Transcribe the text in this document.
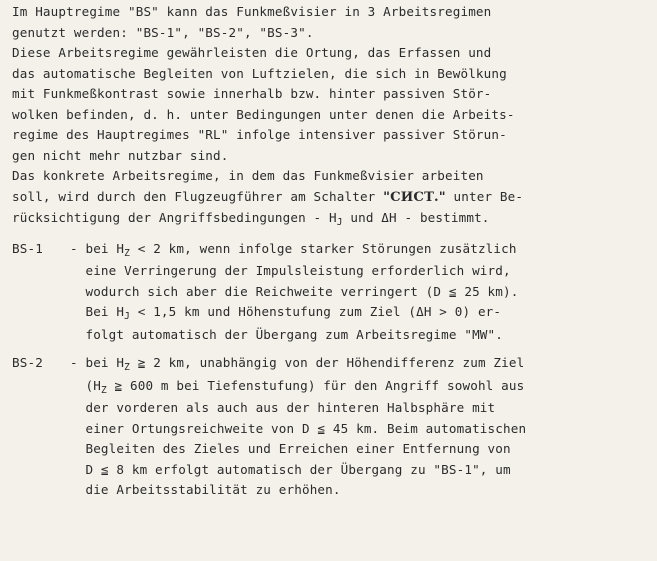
Im Hauptregime "BS" kann das Funkmeßvisier in 3 Arbeitsregimen
genutzt werden: "BS-1", "BS-2", "BS-3".
Diese Arbeitsregime gewährleisten die Ortung, das Erfassen und
das automatische Begleiten von Luftzielen, die sich in Bewölkung
mit Funkmeßkontrast sowie innerhalb bzw. hinter passiven Stör-
wolken befinden, d. h. unter Bedingungen unter denen die Arbeits-
regime des Hauptregimes "RL" infolge intensiver passiver Störun-
gen nicht mehr nutzbar sind.
Das konkrete Arbeitsregime, in dem das Funkmeßvisier arbeiten
soll, wird durch den Flugzeugführer am Schalter "СИСТ." unter Be-
rücksichtigung der Angriffsbedingungen - $H_J$ und ΔH - bestimmt.
BS-1	- bei $H_Z < 2$ km, wenn infolge starker Störungen zusätzlich
eine Verringerung der Impulsleistung erforderlich wird,
wodurch sich aber die Reichweite verringert (D ≦ 25 km).
Bei $H_J < 1,5$ km und Höhenstufung zum Ziel (ΔH > 0) er-
folgt automatisch der Übergang zum Arbeitsregime "MW".
BS-2	- bei $H_Z$ ≧ 2 km, unabhängig von der Höhendifferenz zum Ziel
($H_Z$ ≧ 600 m bei Tiefenstufung) für den Angriff sowohl aus
der vorderen als auch aus der hinteren Halbsphäre mit
einer Ortungsreichweite von D ≦ 45 km. Beim automatischen
Begleiten des Zieles und Erreichen einer Entfernung von
D ≦ 8 km erfolgt automatisch der Übergang zu "BS-1", um
die Arbeitsstabilität zu erhöhen.
